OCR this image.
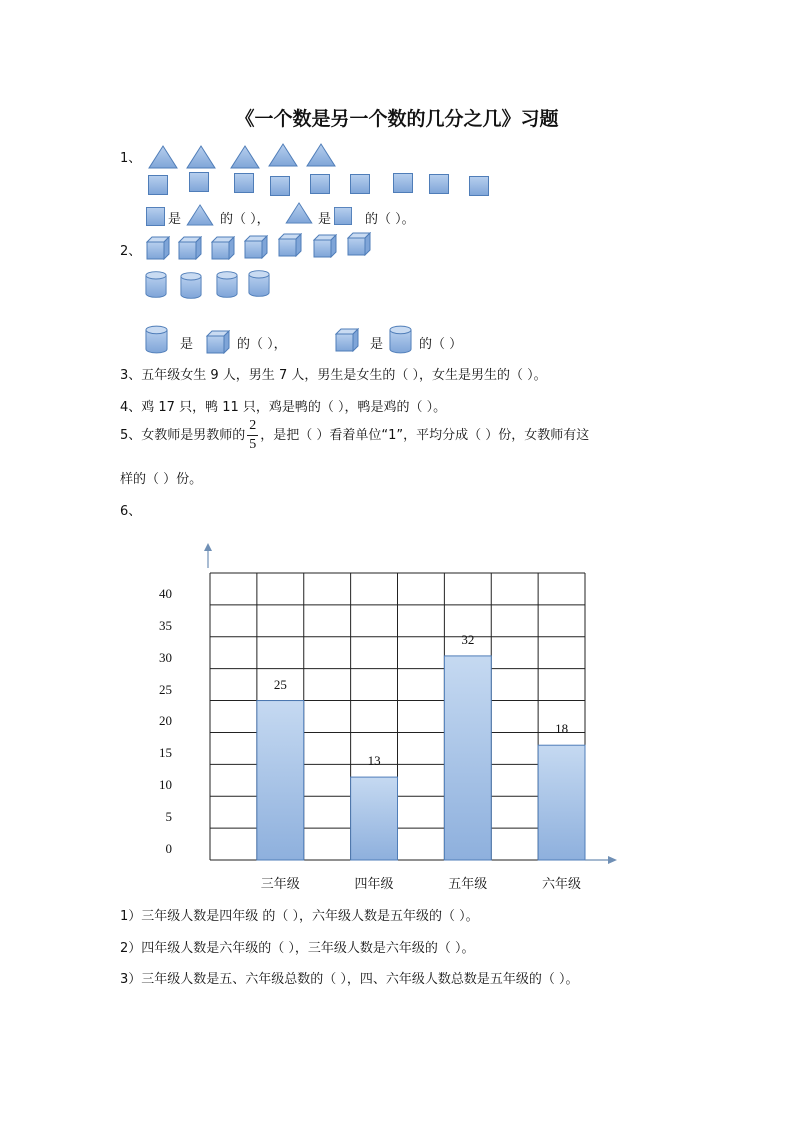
《一个数是另一个数的几分之几》习题
1、
是	的（ ），	是	的（ ）。
2、
是	的（ ），	是	的（ ）
3、五年级女生 9 人，男生 7 人，男生是女生的（ ），女生是男生的（ ）。
4、鸡 17 只，鸭 11 只，鸡是鸭的（ ），鸭是鸡的（ ）。
5、女教师是男教师的 $\frac{2}{5}$ ，是把（ ）看着单位“1”，平均分成（ ）份，女教师有这
样的（ ）份。
6、
25
三年级
13
四年级
32
五年级
18
六年级
40
35
30
25
20
15
10
5
0
1）三年级人数是四年级 的（ ），六年级人数是五年级的（ ）。
2）四年级人数是六年级的（ ），三年级人数是六年级的（ ）。
3）三年级人数是五、六年级总数的（ ），四、六年级人数总数是五年级的（ ）。
